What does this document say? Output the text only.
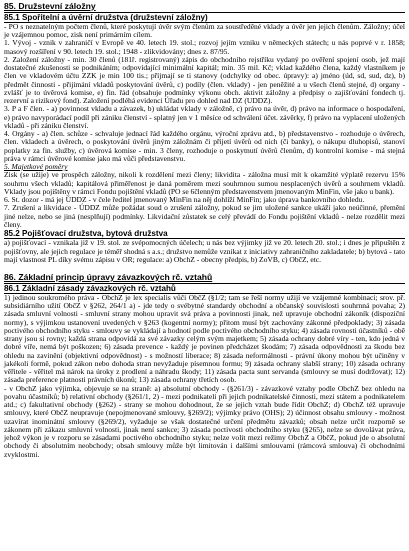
85. Družstevní záložny
85.1 Spořitelní a úvěrní družstva (družstevní záložny)

- PO s neznatelným počtem členů, které poskytují úvěr svým členům za soustředěné vklady a úvěr jen jejich členům. Záložny; účel je vzájemnou pomoc, zisk není primárním cílem.

1. Vývoj - vznik v zahraničí v Evropě ve 40. letech 19. stol.; rozvoj jejím vzniku v německých státech; u nás poprvé v r. 1858; masový rozšíření v 90. letech 19. stol.; 1948 - zlikvidovány; dnes z. 87/95.

2. Založení záložny - min. 30 členů (181ř. registrovaný) zápis do obchodního rejstříku vydaný po ověření spojení osob, jež mají dostatečné zkušenosti se podnikáním; odpovídající minimální kapitál; min. 35 mil. Kč; vklad každého člena, každý vlastníkem je člen ve vkladovém účtu ZZK je min 100 tis.; příjmají se ti stanovy (odchylky od obec. úpravy): a) jméno (úd, sd, sud, dz), b) předmět činnosti - přijímání vkladů poskytování úvěrů, c) podíly (člen. vklady) - jen peněžité a u všech členů stejné, d) organy - zvlášť je to úvěrová komise, e) fin. řád (obsahuje podmínky výkonu obch. aktivit záložny a předpisy o zajišťování fondech tj. rezervní a rizikový fond). Založení podléhá evidenci Úřadu pro dohled nad DZ (UDDZ).

3. P a F člen. - a) povinnost vkladu a závazek, b) ukládat vklady v záložně, c) právo na úvěr, d) právo na informace o hospodaření, e) právo navyporádací podíl při zániku členství - splatný jen v 1 měsíce od schválení účet. závěrky, f) právo na vyplacení uložených vkladů - při zániku členství.

4. Orgány - a) člen. schůze - schvaluje jednací řád každého orgánu, výroční zprávu atd., b) představenstvo - rozhoduje o úvěrech, člen. vkladech a úvěrech, o poskytování úvěrů jiným záložnám či přijetí úvěrů od nich (či banky), o nákupu dluhopisů, stanoví poplatky za fin. služby, c) úvěrová komise - min. 3 členy, rozhoduje o poskytnutí úvěrů členům, d) kontrolní komise - má stejná práva v rámci úvěrové komise jako má vůči představenstvu.

5. Majetkové poměry

Zisk (se užije) ve prospěch záložny, nikoli k rozdělení mezi členy; likvidita - záložna musí mít k okamžité výplatě rezervu 15% souhrnu všech vkladů; kapitálová přiměřenost je daná poměrem mezi souhrnnou sumou nesplacených úvěrů a souhrnem vkladů. Vklady jsou pojištěny v rámci Fondu pojištění vkladů (PO se 6členným představenstvem jmenovaným MinFin, vše jako u bank).

6. St. dozor - má jej ÚDDZ - v čele ředitel jmenovaný MinFin na něj dohlíží MinFin; jako úprava bankovního dohledu.

7. Zrušení a likvidace - ÚDDZ může požádat soud o zrušení záložny, pokud se jim uložené sankce ukáží jako neúčinné, přemění jiné nelze, nebo se jiná (nesplňují) podmínky. Likvidační zůstatek se celý převádí do Fondu pojištění vkladů - nelze rozdělit mezi členy.

85.2 Pojišťovací družstva, bytová družstva

a) pojišťovací - vznikala již v 19. stol. ze svépomocných účelech; u nás bez výjimky již ve 20. letech 20. stol.; i dnes je připuštěn z pojišťovny, ale jejich regulace je téměř shodná s a.s.; družstvo nemůže vznikat z iniciativy zahraničního zakladatele; b) bytová - tato mají vlastnost PL díky svému zápisu v OR; regulace: a) ObchZ - obecny předpis, b) ZoVB, c) ObčZ, etc.

86. Základní princip úpravy závazkových rč. vztahů
86.1 Základní zásady závazkových rč. vztahů

1) jedinou soukromého práva - ObchZ je lex specialis vůči ObčZ (§1/2; tam se řeší normy užijí ve vzájemné kombinaci; srov. př. subsidiárního užití ObčZ v §262, 264/1 a) - jde tedy o svébytné standardy obchodní a občanský souvislosti souhrnná povaha; 2) zásada smluvní volnosti - smluvní strany mohou upravit svá práva a povinnosti jinak, než upravuje obchodní zákoník (dispoziční normy), s výjimkou ustanovení uvedených v §263 (kogentní normy); přitom musí být zachovány zákonné předpoklady; 3) zásada poctivého obchodního styku - smlouvy se vykládají a hodnotí podle poctivého obchodního styku; 4) zásada rovnosti účastníků - obě strany jsou si rovny; každá strana odpovídá za své závazky celým svým majetkem; 5) zásada ochrany dobré víry - ten, kdo jedná v dobré víře, nemá být poškozen; 6) zásada prevence - každý je povinen předcházet škodám; 7) zásada odpovědnosti za škodu bez ohledu na zavinění (objektivní odpovědnost) - s možností liberace; 8) zásada neformálnosti - právní úkony mohou být učiněny v jakékoli formě, pokud zákon nebo dohoda stran nevyžaduje písemnou formu; 9) zásada ochrany slabší strany; 10) zásada ochrany věřitele - věřitel má nárok na úroky z prodlení a náhradu škody; 11) zásada pacta sunt servanda (smlouvy se musí dodržovat); 12) zásada preference platnosti právních úkonů; 13) zásada ochrany třetích osob.

- v ObchZ jako výjimka, objevuje se na straně: a) absolutní obchody - (§261/3) - závazkové vztahy podle ObchZ bez ohledu na povahu účastníků; b) relativní obchody (§261/1, 2) - mezi podnikateli při jejich podnikatelské činnosti, mezi státem a podnikatelem atd.; c) fakultativní obchody (§262) - strany se mohou dohodnout, že se jejich vztah bude řídit ObchZ; d) ObchZ též upravuje smlouvy, které ObčZ neupravuje (nepojmenované smlouvy, §269/2); výjimky právo (OHS); 2) účinnost obsahu smlouvy - možnost uzavírat inominátní smlouvy (§269/2), vyžaduje se však dostatečné určení předmětu závazků; obsah nelze určit rozporně se zákonem při zákazu smluvní volnosti, jinak není sankce; 3) zásada poctivosti obchodního styku (§265), nelze se dovolávat práva, jehož výkon je v rozporu se zásadami poctivého obchodního styku; nelze volit mezi režimy ObchZ a ObčZ, pokud jde o absolutní obchody či absolutním neobchody; obsah smlouvy může být limitován i dalšími smlouvami (rámcová smlouva) či obchodními zvyklostmi.
